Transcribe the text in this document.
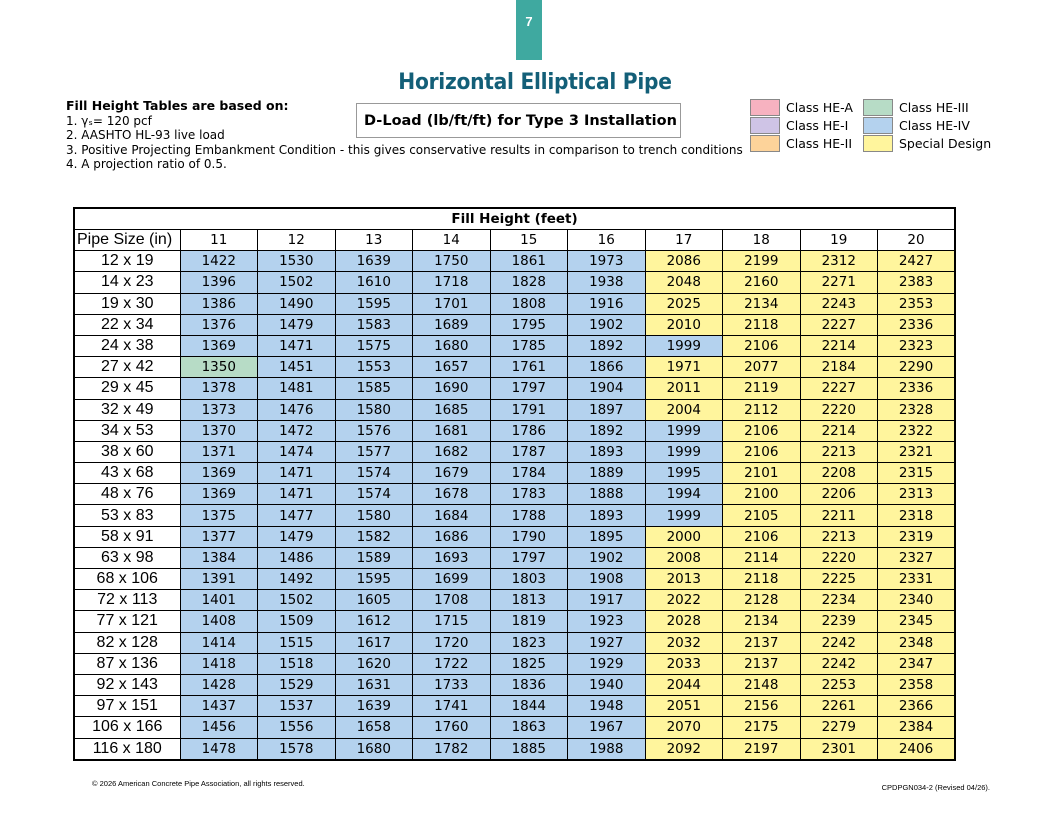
7
Horizontal Elliptical Pipe
Fill Height Tables are based on:
1. γₛ= 120 pcf
2. AASHTO HL-93 live load
3. Positive Projecting Embankment Condition - this gives conservative results in comparison to trench conditions
4. A projection ratio of 0.5.
D-Load (lb/ft/ft) for Type 3 Installation
Class HE-A
Class HE-I
Class HE-II
Class HE-III
Class HE-IV
Special Design
Fill Height (feet)										
Pipe Size (in)	11	12	13	14	15	16	17	18	19	20
12 x 19	1422	1530	1639	1750	1861	1973	2086	2199	2312	2427
14 x 23	1396	1502	1610	1718	1828	1938	2048	2160	2271	2383
19 x 30	1386	1490	1595	1701	1808	1916	2025	2134	2243	2353
22 x 34	1376	1479	1583	1689	1795	1902	2010	2118	2227	2336
24 x 38	1369	1471	1575	1680	1785	1892	1999	2106	2214	2323
27 x 42	1350	1451	1553	1657	1761	1866	1971	2077	2184	2290
29 x 45	1378	1481	1585	1690	1797	1904	2011	2119	2227	2336
32 x 49	1373	1476	1580	1685	1791	1897	2004	2112	2220	2328
34 x 53	1370	1472	1576	1681	1786	1892	1999	2106	2214	2322
38 x 60	1371	1474	1577	1682	1787	1893	1999	2106	2213	2321
43 x 68	1369	1471	1574	1679	1784	1889	1995	2101	2208	2315
48 x 76	1369	1471	1574	1678	1783	1888	1994	2100	2206	2313
53 x 83	1375	1477	1580	1684	1788	1893	1999	2105	2211	2318
58 x 91	1377	1479	1582	1686	1790	1895	2000	2106	2213	2319
63 x 98	1384	1486	1589	1693	1797	1902	2008	2114	2220	2327
68 x 106	1391	1492	1595	1699	1803	1908	2013	2118	2225	2331
72 x 113	1401	1502	1605	1708	1813	1917	2022	2128	2234	2340
77 x 121	1408	1509	1612	1715	1819	1923	2028	2134	2239	2345
82 x 128	1414	1515	1617	1720	1823	1927	2032	2137	2242	2348
87 x 136	1418	1518	1620	1722	1825	1929	2033	2137	2242	2347
92 x 143	1428	1529	1631	1733	1836	1940	2044	2148	2253	2358
97 x 151	1437	1537	1639	1741	1844	1948	2051	2156	2261	2366
106 x 166	1456	1556	1658	1760	1863	1967	2070	2175	2279	2384
116 x 180	1478	1578	1680	1782	1885	1988	2092	2197	2301	2406
© 2026 American Concrete Pipe Association, all rights reserved.	CPDPGN034-2 (Revised 04/26).
